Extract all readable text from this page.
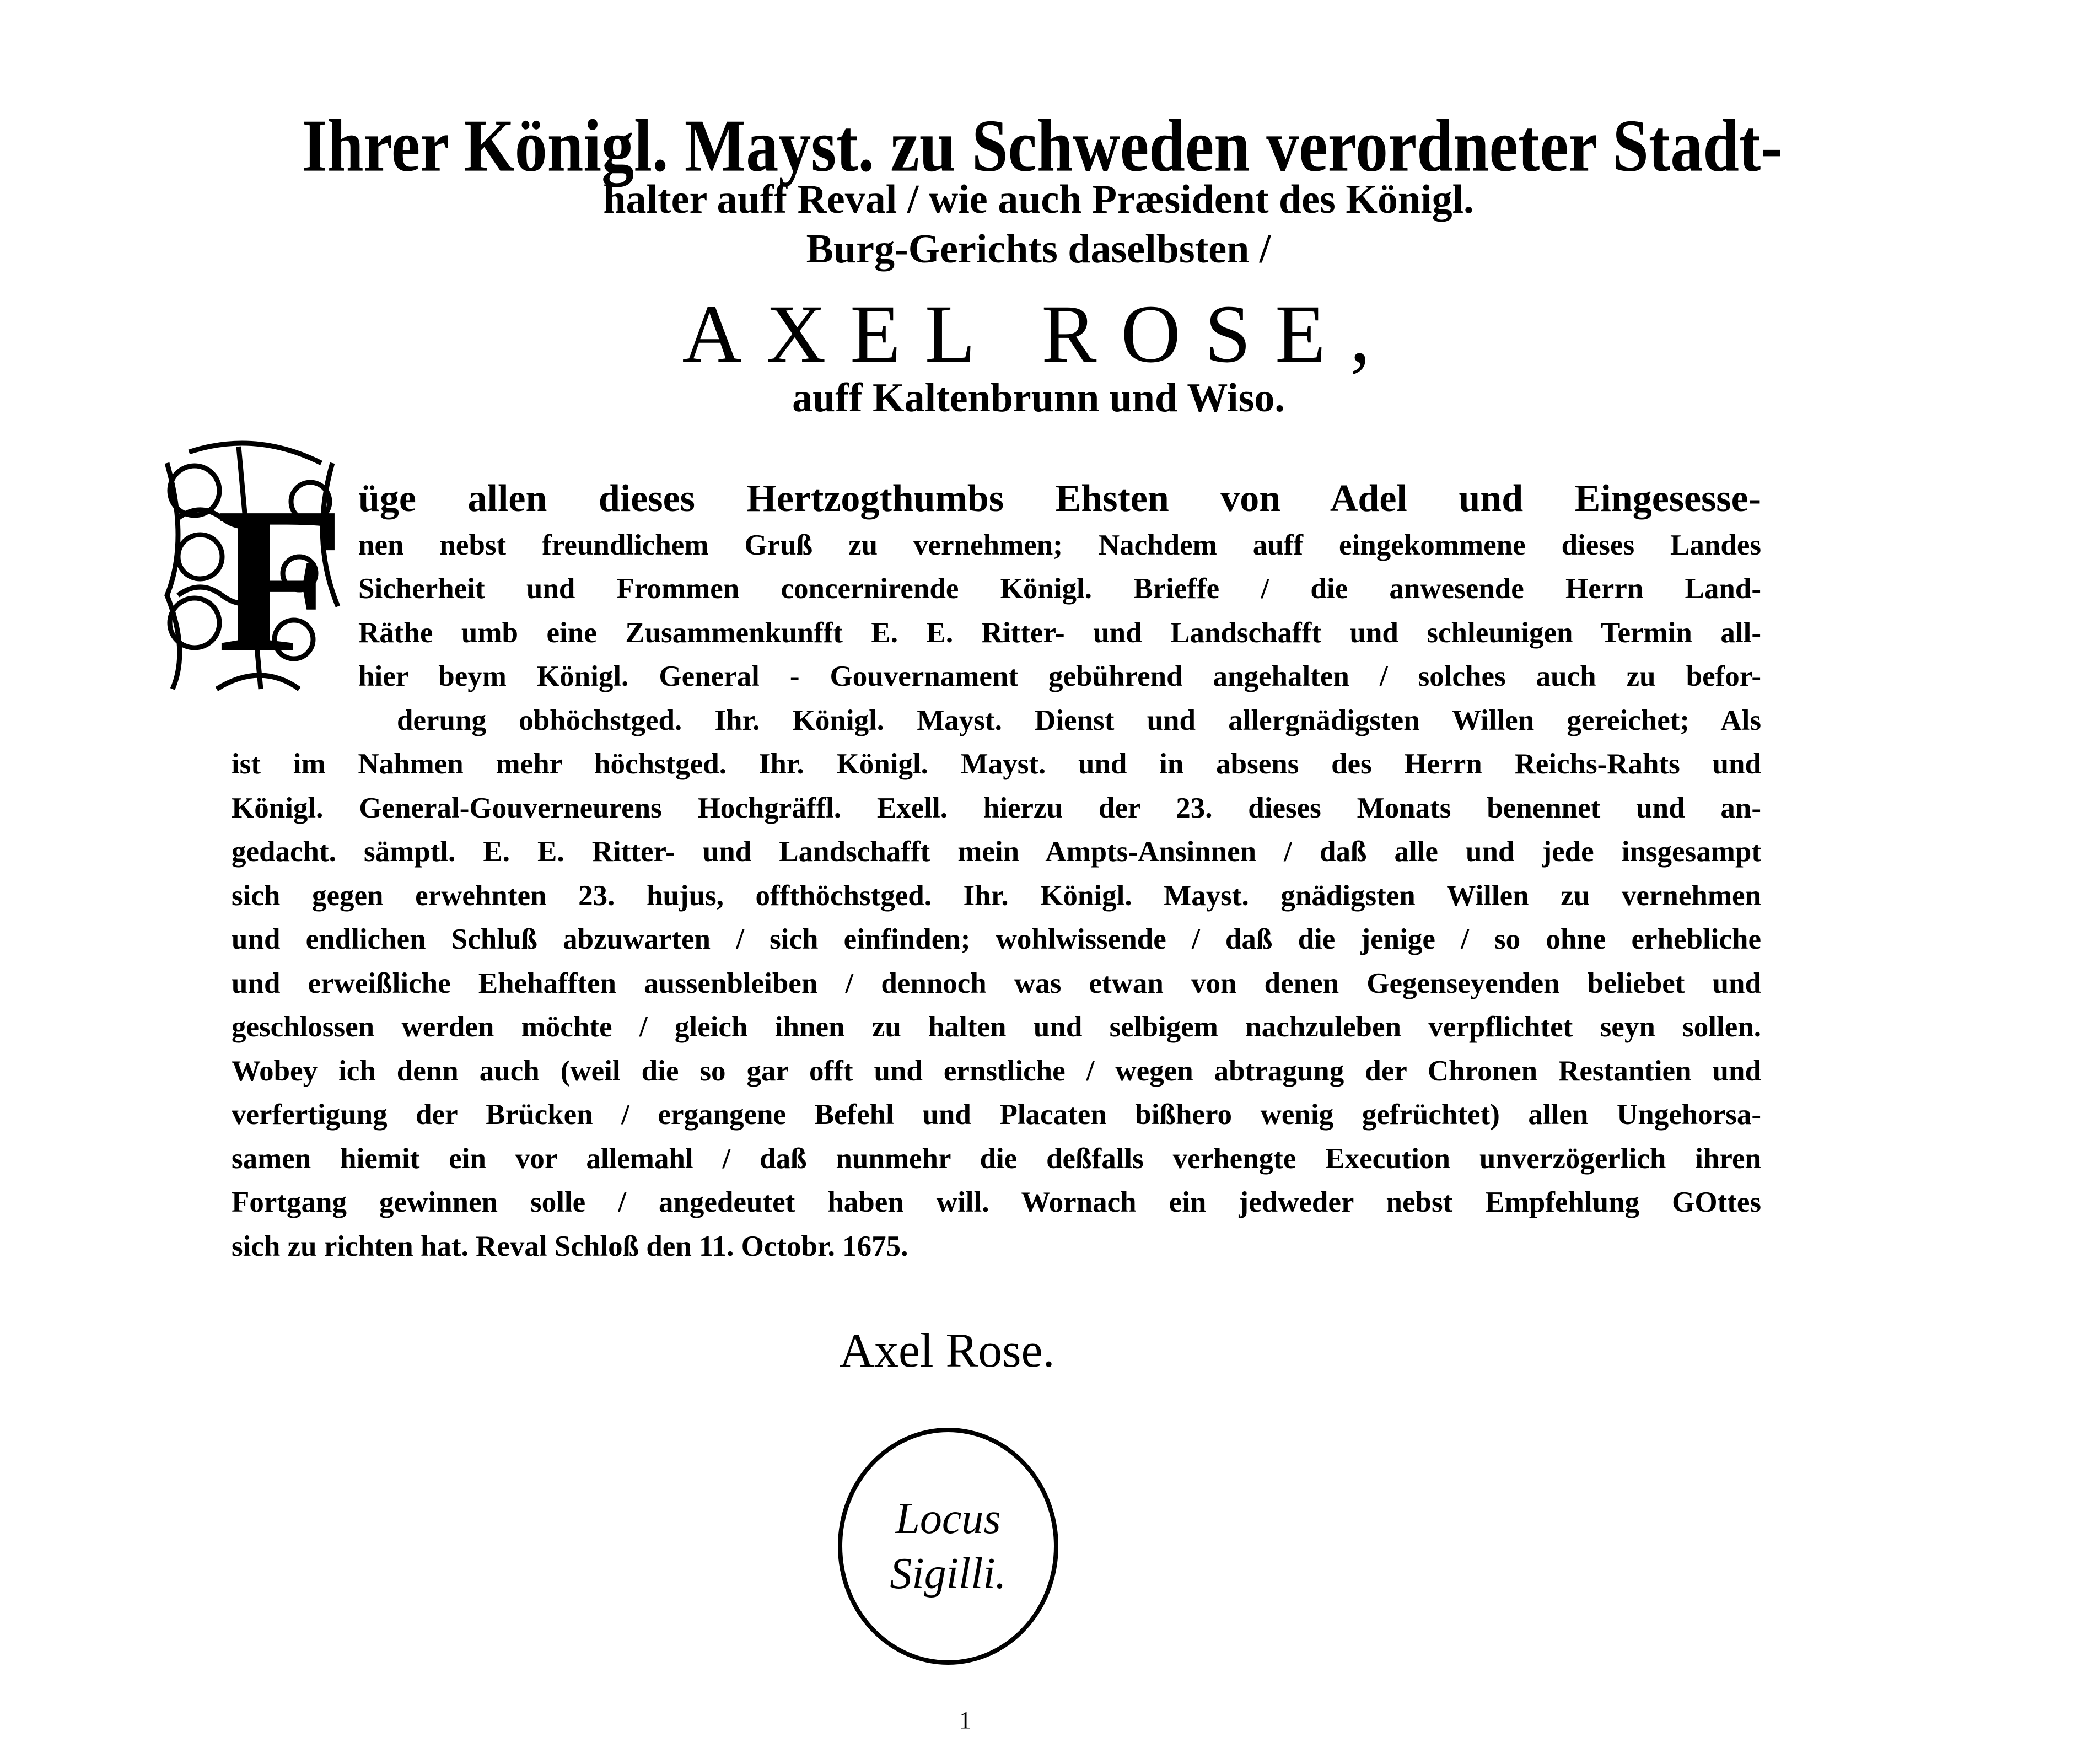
Ihrer Königl. Mayst. zu Schweden verordneter Stadt-
halter auff Reval / wie auch Præsident des Königl.
Burg-Gerichts daselbsten /
AXEL ROSE,
auff Kaltenbrunn und Wiso.
F üge allen dieses Hertzogthumbs Ehsten von Adel und Eingesesse-
nen nebst freundlichem Gruß zu vernehmen; Nachdem auff eingekommene dieses Landes
Sicherheit und Frommen concernirende Königl. Brieffe / die anwesende Herrn Land-
Räthe umb eine Zusammenkunfft E. E. Ritter- und Landschafft und schleunigen Termin all-
hier beym Königl. General - Gouvernament gebührend angehalten / solches auch zu befor-
derung obhöchstged. Ihr. Königl. Mayst. Dienst und allergnädigsten Willen gereichet; Als
ist im Nahmen mehr höchstged. Ihr. Königl. Mayst. und in absens des Herrn Reichs-Rahts und
Königl. General-Gouverneurens Hochgräffl. Exell. hierzu der 23. dieses Monats benennet und an-
gedacht. sämptl. E. E. Ritter- und Landschafft mein Ampts-Ansinnen / daß alle und jede insgesampt
sich gegen erwehnten 23. hujus, offthöchstged. Ihr. Königl. Mayst. gnädigsten Willen zu vernehmen
und endlichen Schluß abzuwarten / sich einfinden; wohlwissende / daß die jenige / so ohne erhebliche
und erweißliche Ehehafften aussenbleiben / dennoch was etwan von denen Gegenseyenden beliebet und
geschlossen werden möchte / gleich ihnen zu halten und selbigem nachzuleben verpflichtet seyn sollen.
Wobey ich denn auch (weil die so gar offt und ernstliche / wegen abtragung der Chronen Restantien und
verfertigung der Brücken / ergangene Befehl und Placaten bißhero wenig gefrüchtet) allen Ungehorsa-
samen hiemit ein vor allemahl / daß nunmehr die deßfalls verhengte Execution unverzögerlich ihren
Fortgang gewinnen solle / angedeutet haben will. Wornach ein jedweder nebst Empfehlung GOttes
sich zu richten hat. Reval Schloß den 11. Octobr. 1675.
Axel Rose.
Locus
Sigilli.
1
